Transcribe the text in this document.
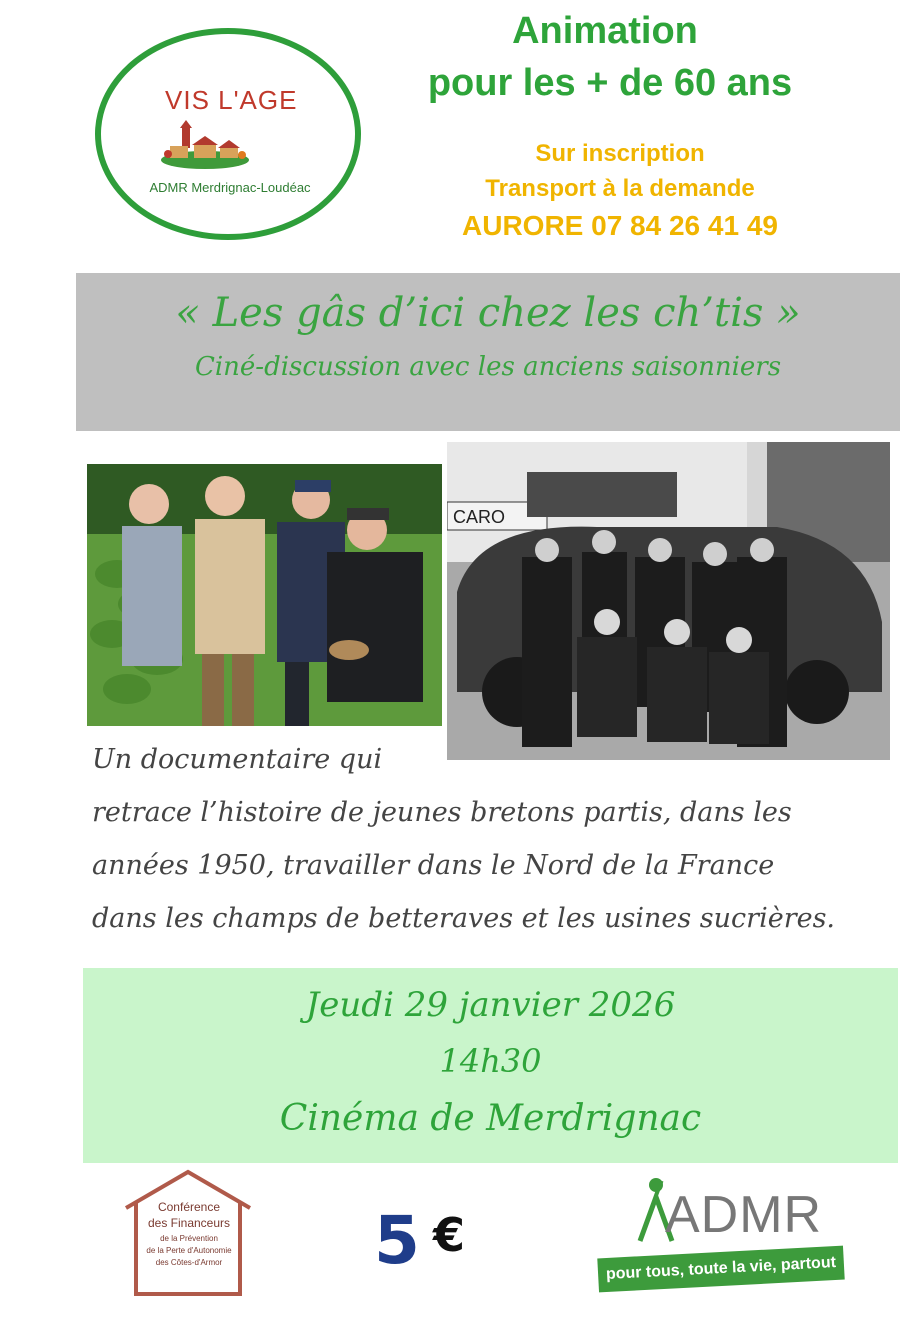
VIS L'AGE
ADMR Merdrignac-Loudéac
Animation
pour les + de 60 ans
Sur inscription
Transport à la demande
AURORE 07 84 26 41 49
« Les gâs d’ici chez les ch’tis »
Ciné-discussion avec les anciens saisonniers
CARO
Un documentaire qui
retrace l’histoire de jeunes bretons partis, dans les
années 1950, travailler dans le Nord de la France
dans les champs de betteraves et les usines sucrières.
Jeudi 29 janvier 2026
14h30
Cinéma de Merdrignac
Conférence
des Financeurs
de la Prévention
de la Perte d'Autonomie
des Côtes-d'Armor 5 €	ADMR
pour tous, toute la vie, partout
